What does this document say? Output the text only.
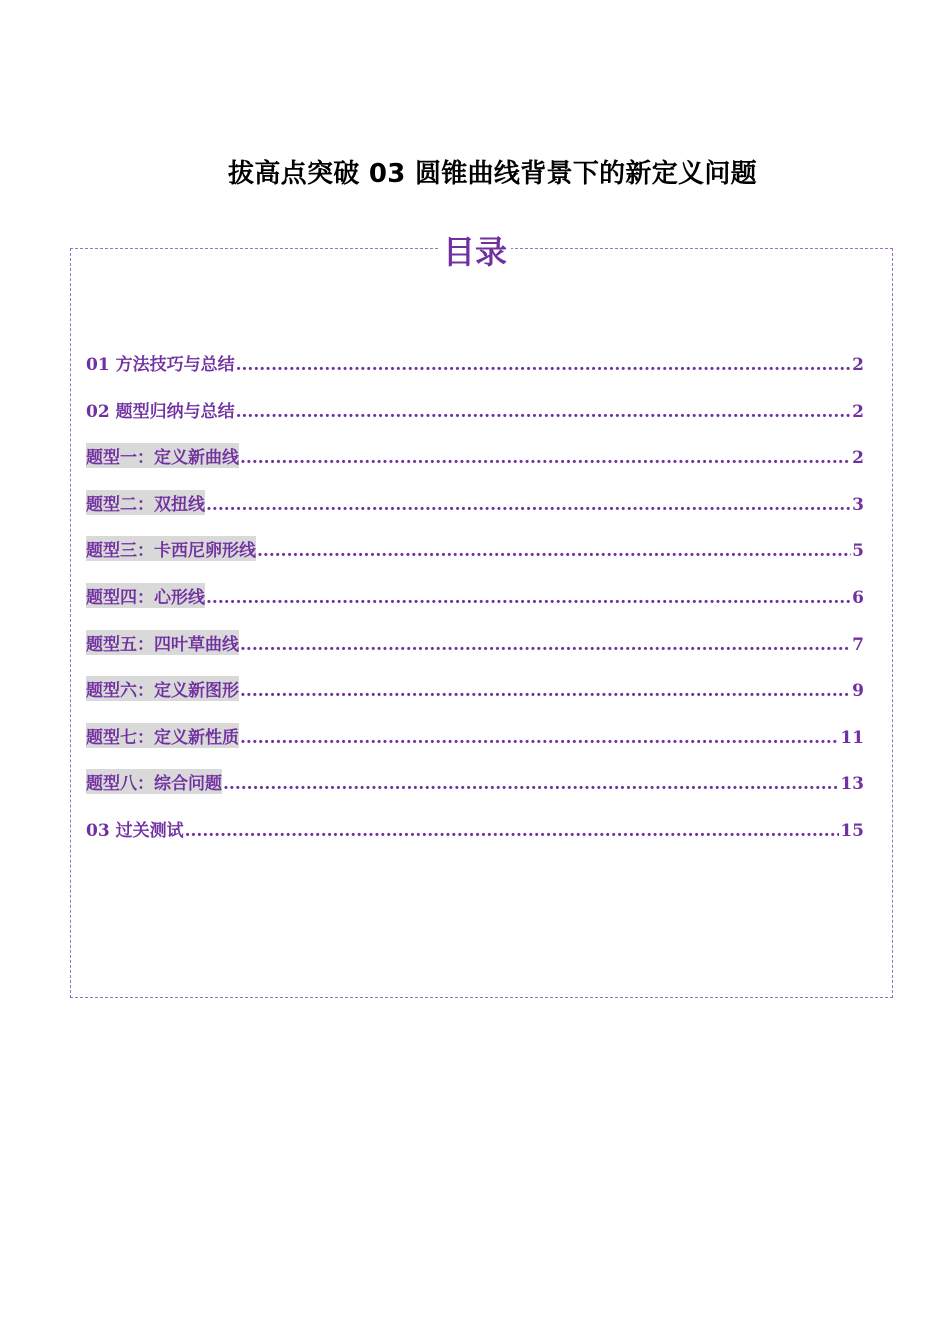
拔高点突破 03 圆锥曲线背景下的新定义问题
目录
01 方法技巧与总结 .....	2
02 题型归纳与总结 .....	2
题型一：定义新曲线 .....	2
题型二：双扭线 .....	3
题型三：卡西尼卵形线 .....	5
题型四：心形线 .....	6
题型五：四叶草曲线 .....	7
题型六：定义新图形 .....	9
题型七：定义新性质 .....	11
题型八：综合问题 .....	13
03 过关测试 .....	15
